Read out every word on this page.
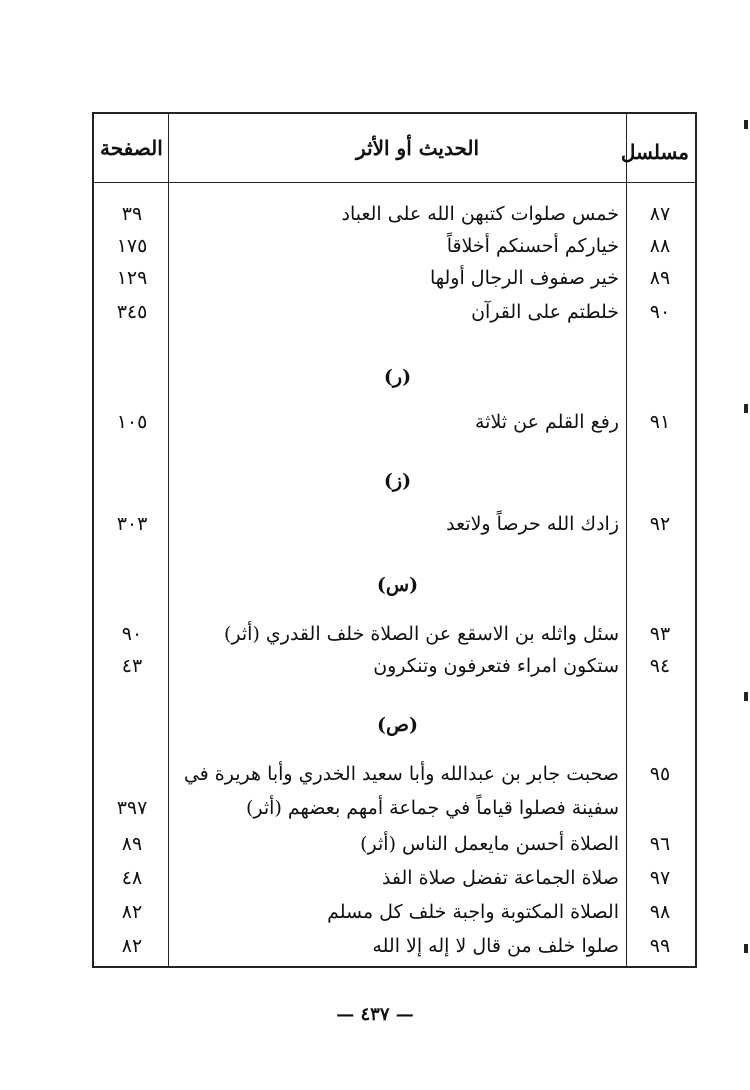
مسلسل
الحديث أو الأثر
الصفحة
٨٧
خمس صلوات كتبهن الله على العباد
٣٩
٨٨
خياركم أحسنكم أخلاقاً
١٧٥
٨٩
خير صفوف الرجال أولها
١٢٩
٩٠
خلطتم على القرآن
٣٤٥
(ر)
٩١
رفع القلم عن ثلاثة
١٠٥
(ز)
٩٢
زادك الله حرصاً ولاتعد
٣٠٣
(س)
٩٣
سئل واثله بن الاسقع عن الصلاة خلف القدري (أثر)
٩٠
٩٤
ستكون امراء فتعرفون وتنكرون
٤٣
(ص)
٩٥
صحبت جابر بن عبدالله وأبا سعيد الخدري وأبا هريرة في
سفينة فصلوا قياماً في جماعة أمهم بعضهم (أثر)
٣٩٧
٩٦
الصلاة أحسن مايعمل الناس (أثر)
٨٩
٩٧
صلاة الجماعة تفضل صلاة الفذ
٤٨
٩٨
الصلاة المكتوبة واجبة خلف كل مسلم
٨٢
٩٩
صلوا خلف من قال لا إله إلا الله
٨٢
— ٤٣٧ —
